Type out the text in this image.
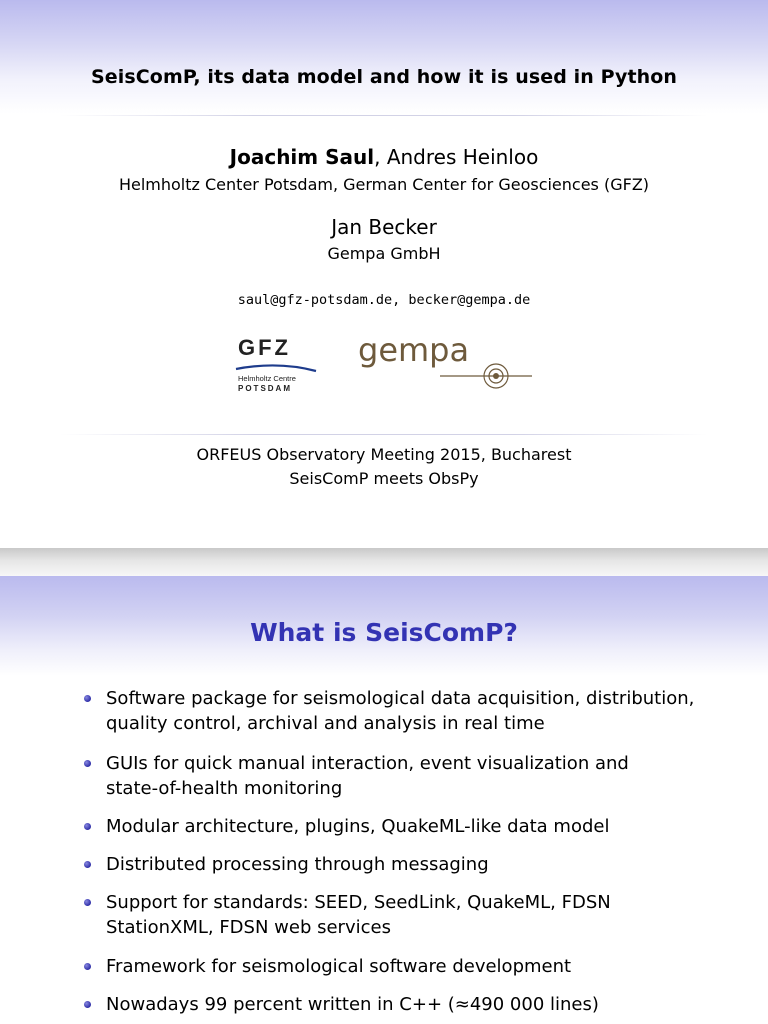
SeisComP, its data model and how it is used in Python
Joachim Saul, Andres Heinloo
Helmholtz Center Potsdam, German Center for Geosciences (GFZ)
Jan Becker
Gempa GmbH
saul@gfz-potsdam.de, becker@gempa.de
GFZ
Helmholtz Centre
POTSDAM
gempa
ORFEUS Observatory Meeting 2015, Bucharest
SeisComP meets ObsPy
What is SeisComP?
Software package for seismological data acquisition, distribution,
quality control, archival and analysis in real time
GUIs for quick manual interaction, event visualization and
state-of-health monitoring
Modular architecture, plugins, QuakeML-like data model
Distributed processing through messaging
Support for standards: SEED, SeedLink, QuakeML, FDSN
StationXML, FDSN web services
Framework for seismological software development
Nowadays 99 percent written in C++ (≈490 000 lines)
